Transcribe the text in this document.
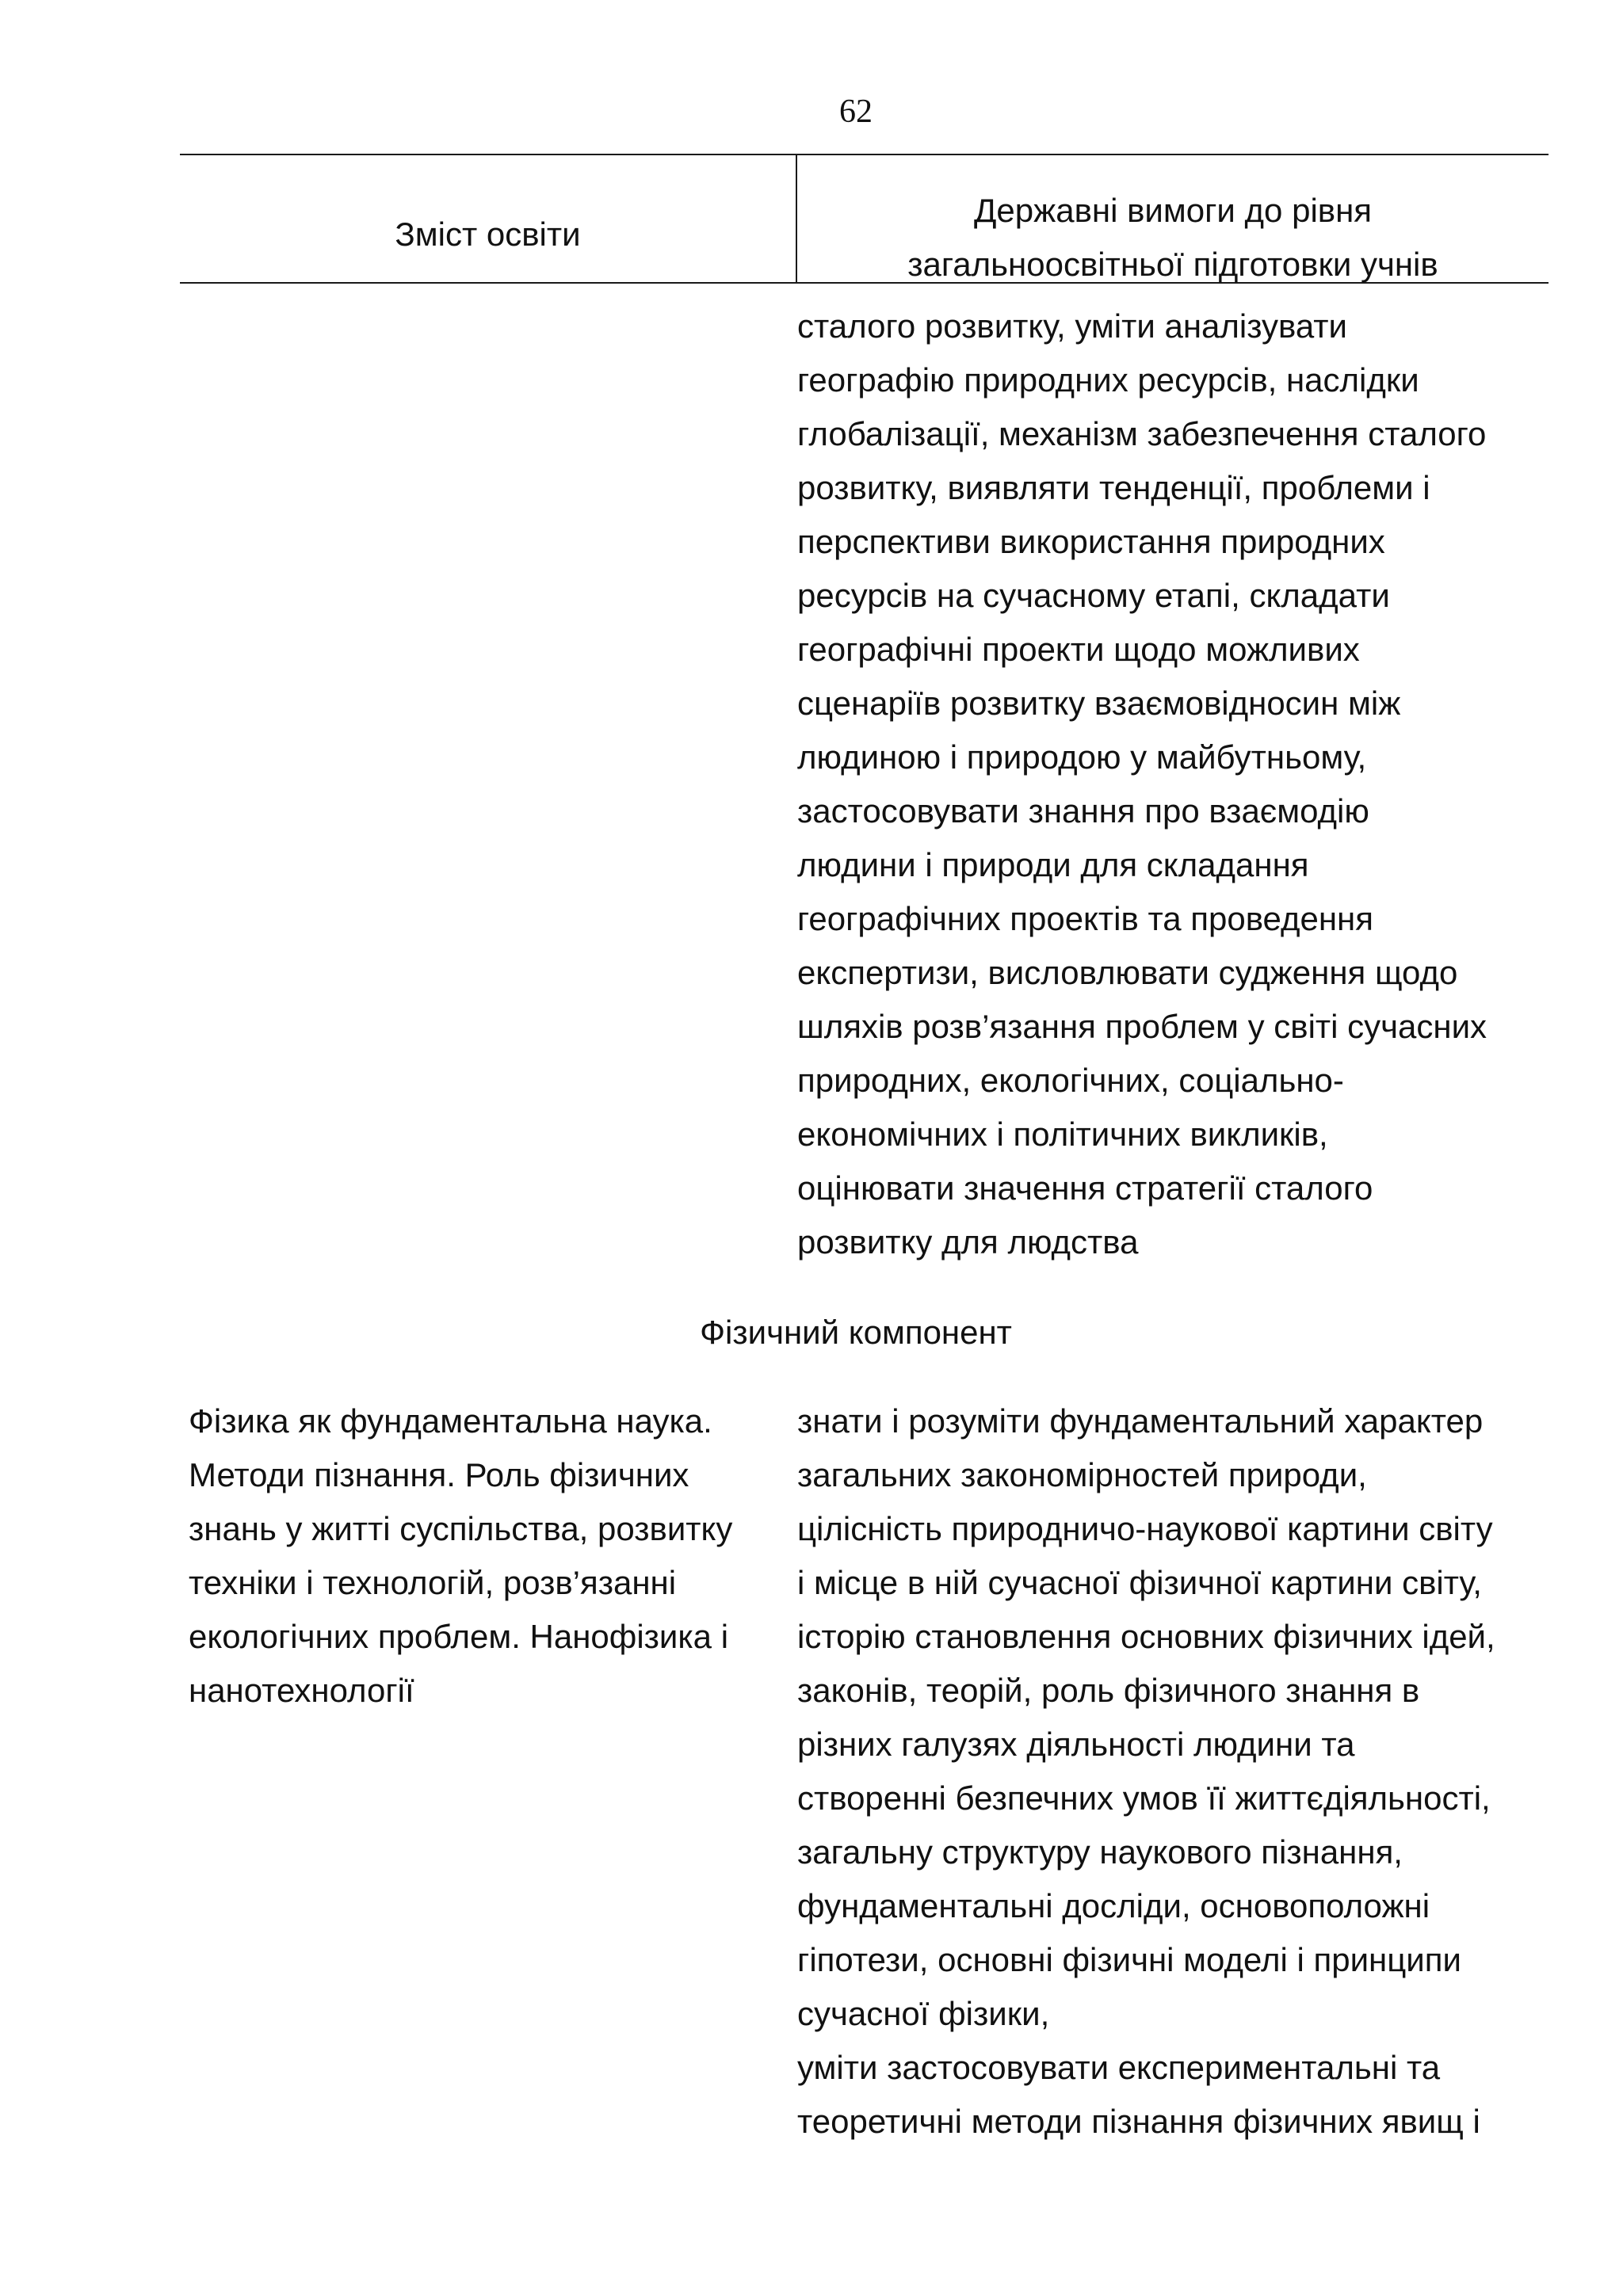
62
Зміст освіти
Державні вимоги до рівня
загальноосвітньої підготовки учнів
сталого розвитку, уміти аналізувати
географію природних ресурсів, наслідки
глобалізації, механізм забезпечення сталого
розвитку, виявляти тенденції, проблеми і
перспективи використання природних
ресурсів на сучасному етапі, складати
географічні проекти щодо можливих
сценаріїв розвитку взаємовідносин між
людиною і природою у майбутньому,
застосовувати знання про взаємодію
людини і природи для складання
географічних проектів та проведення
експертизи, висловлювати судження щодо
шляхів розв’язання проблем у світі сучасних
природних, екологічних, соціально-
економічних і політичних викликів,
оцінювати значення стратегії сталого
розвитку для людства
Фізичний компонент
Фізика як фундаментальна наука.
Методи пізнання. Роль фізичних
знань у житті суспільства, розвитку
техніки і технологій, розв’язанні
екологічних проблем. Нанофізика і
нанотехнології
знати і розуміти фундаментальний характер
загальних закономірностей природи,
цілісність природничо-наукової картини світу
і місце в ній сучасної фізичної картини світу,
історію становлення основних фізичних ідей,
законів, теорій, роль фізичного знання в
різних галузях діяльності людини та
створенні безпечних умов її життєдіяльності,
загальну структуру наукового пізнання,
фундаментальні досліди, основоположні
гіпотези, основні фізичні моделі і принципи
сучасної фізики,
уміти застосовувати експериментальні та
теоретичні методи пізнання фізичних явищ і
